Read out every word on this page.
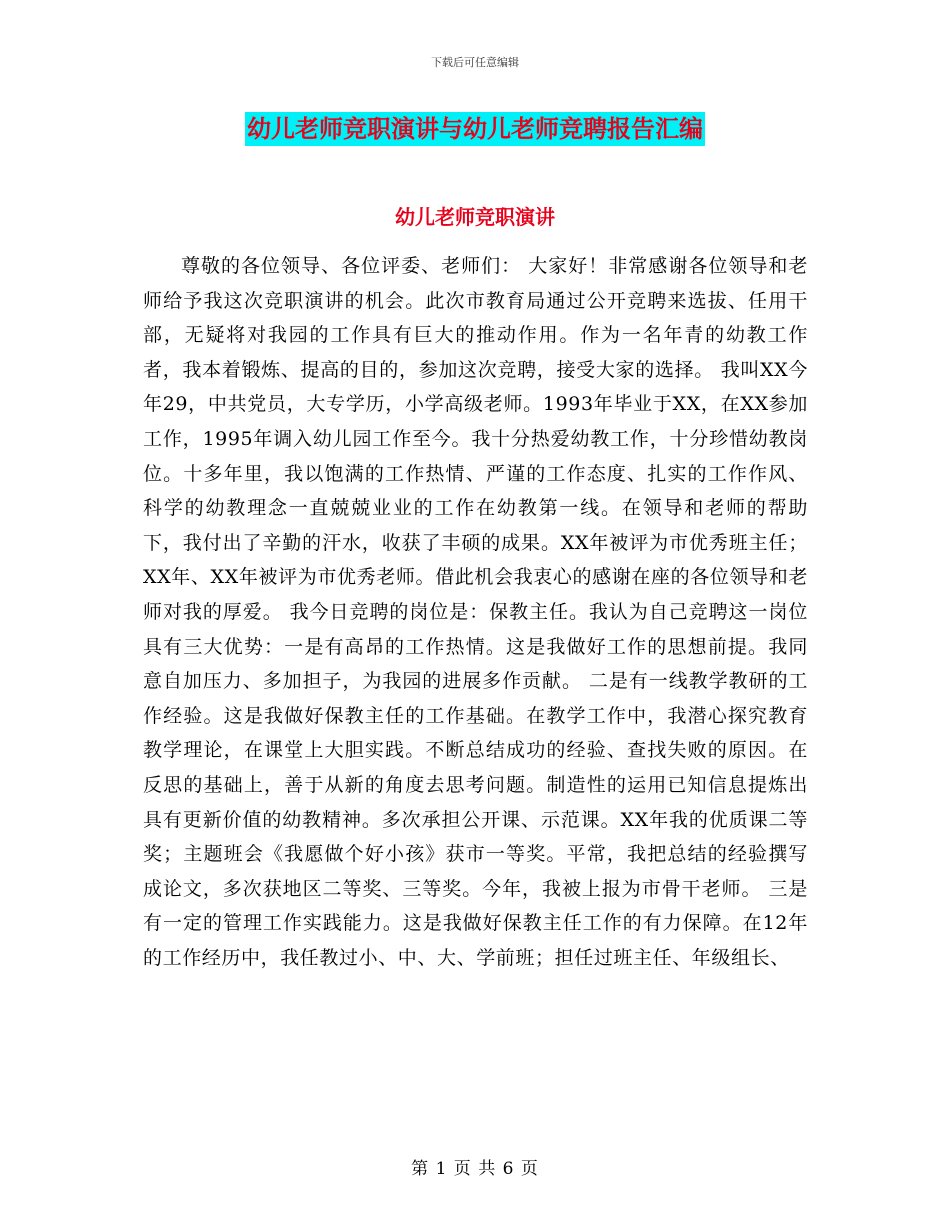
下载后可任意编辑
幼儿老师竞职演讲与幼儿老师竞聘报告汇编
幼儿老师竞职演讲

尊敬的各位领导、各位评委、老师们： 大家好！非常感谢各位领导和老师给予我这次竞职演讲的机会。此次市教育局通过公开竞聘来选拔、任用干部，无疑将对我园的工作具有巨大的推动作用。作为一名年青的幼教工作者，我本着锻炼、提高的目的，参加这次竞聘，接受大家的选择。 我叫XX今年29，中共党员，大专学历，小学高级老师。1993年毕业于XX，在XX参加工作，1995年调入幼儿园工作至今。我十分热爱幼教工作，十分珍惜幼教岗位。十多年里，我以饱满的工作热情、严谨的工作态度、扎实的工作作风、科学的幼教理念一直兢兢业业的工作在幼教第一线。在领导和老师的帮助下，我付出了辛勤的汗水，收获了丰硕的成果。XX年被评为市优秀班主任；XX年、XX年被评为市优秀老师。借此机会我衷心的感谢在座的各位领导和老师对我的厚爱。 我今日竞聘的岗位是：保教主任。我认为自己竞聘这一岗位具有三大优势：一是有高昂的工作热情。这是我做好工作的思想前提。我同意自加压力、多加担子，为我园的进展多作贡献。 二是有一线教学教研的工作经验。这是我做好保教主任的工作基础。在教学工作中，我潜心探究教育教学理论，在课堂上大胆实践。不断总结成功的经验、查找失败的原因。在反思的基础上，善于从新的角度去思考问题。制造性的运用已知信息提炼出具有更新价值的幼教精神。多次承担公开课、示范课。XX年我的优质课二等奖；主题班会《我愿做个好小孩》获市一等奖。平常，我把总结的经验撰写成论文，多次获地区二等奖、三等奖。今年，我被上报为市骨干老师。 三是有一定的管理工作实践能力。这是我做好保教主任工作的有力保障。在12年的工作经历中，我任教过小、中、大、学前班；担任过班主任、年级组长、

第 1 页 共 6 页
